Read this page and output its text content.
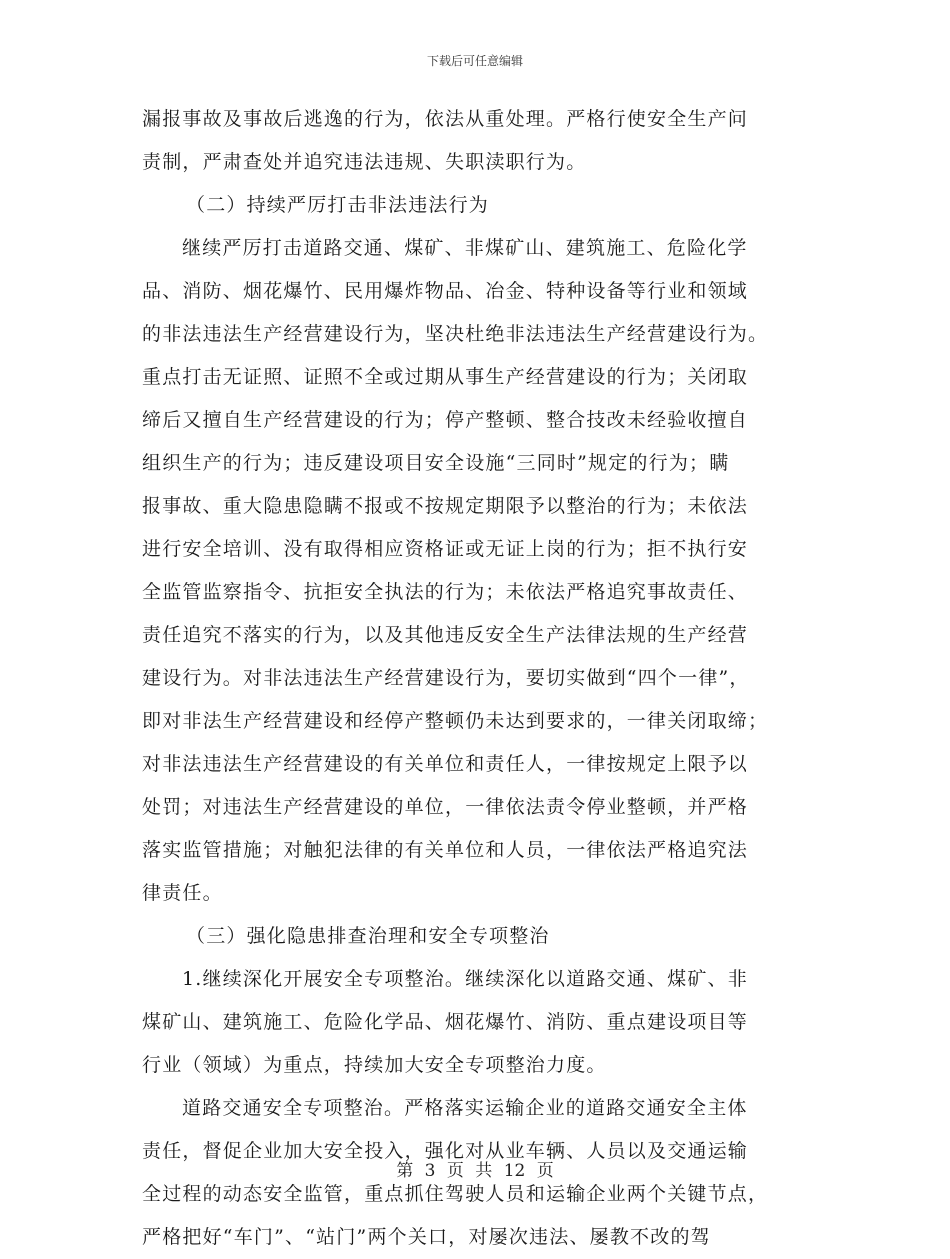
下载后可任意编辑
漏报事故及事故后逃逸的行为，依法从重处理。严格行使安全生产问
责制，严肃查处并追究违法违规、失职渎职行为。
（二）持续严厉打击非法违法行为
继续严厉打击道路交通、煤矿、非煤矿山、建筑施工、危险化学
品、消防、烟花爆竹、民用爆炸物品、冶金、特种设备等行业和领域
的非法违法生产经营建设行为，坚决杜绝非法违法生产经营建设行为。
重点打击无证照、证照不全或过期从事生产经营建设的行为；关闭取
缔后又擅自生产经营建设的行为；停产整顿、整合技改未经验收擅自
组织生产的行为；违反建设项目安全设施“三同时”规定的行为；瞒
报事故、重大隐患隐瞒不报或不按规定期限予以整治的行为；未依法
进行安全培训、没有取得相应资格证或无证上岗的行为；拒不执行安
全监管监察指令、抗拒安全执法的行为；未依法严格追究事故责任、
责任追究不落实的行为，以及其他违反安全生产法律法规的生产经营
建设行为。对非法违法生产经营建设行为，要切实做到“四个一律”，
即对非法生产经营建设和经停产整顿仍未达到要求的，一律关闭取缔；
对非法违法生产经营建设的有关单位和责任人，一律按规定上限予以
处罚；对违法生产经营建设的单位，一律依法责令停业整顿，并严格
落实监管措施；对触犯法律的有关单位和人员，一律依法严格追究法
律责任。
（三）强化隐患排查治理和安全专项整治
1.继续深化开展安全专项整治。继续深化以道路交通、煤矿、非
煤矿山、建筑施工、危险化学品、烟花爆竹、消防、重点建设项目等
行业（领域）为重点，持续加大安全专项整治力度。
道路交通安全专项整治。严格落实运输企业的道路交通安全主体
责任，督促企业加大安全投入，强化对从业车辆、人员以及交通运输
全过程的动态安全监管，重点抓住驾驶人员和运输企业两个关键节点，
严格把好“车门”、“站门”两个关口，对屡次违法、屡教不改的驾
第 3 页 共 12 页
